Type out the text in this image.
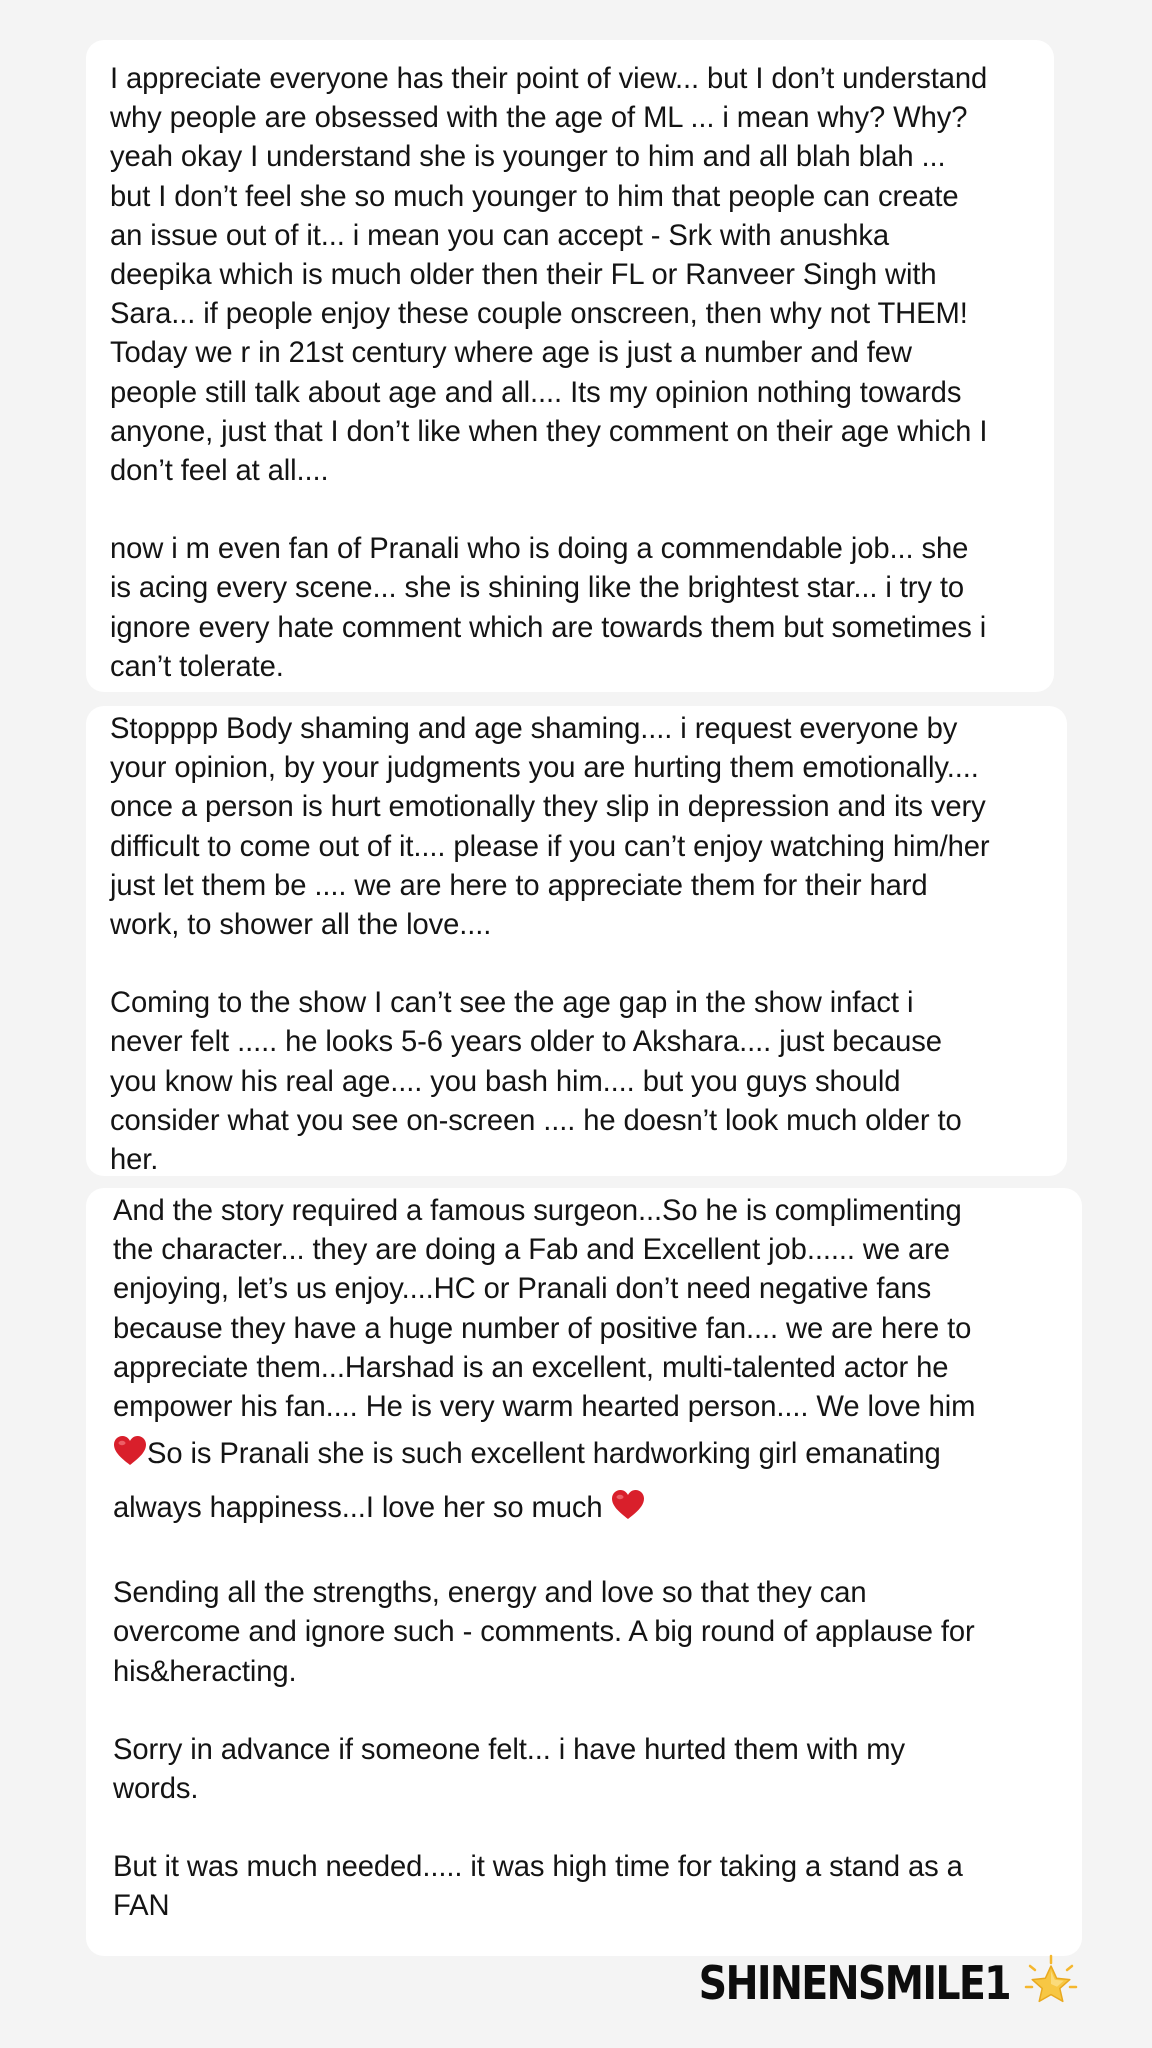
I appreciate everyone has their point of view... but I don’t understand
why people are obsessed with the age of ML ... i mean why? Why?
yeah okay I understand she is younger to him and all blah blah ...
but I don’t feel she so much younger to him that people can create
an issue out of it... i mean you can accept - Srk with anushka
deepika which is much older then their FL or Ranveer Singh with
Sara... if people enjoy these couple onscreen, then why not THEM!
Today we r in 21st century where age is just a number and few
people still talk about age and all.... Its my opinion nothing towards
anyone, just that I don’t like when they comment on their age which I
don’t feel at all....

now i m even fan of Pranali who is doing a commendable job... she
is acing every scene... she is shining like the brightest star... i try to
ignore every hate comment which are towards them but sometimes i
can’t tolerate.

Stopppp Body shaming and age shaming.... i request everyone by
your opinion, by your judgments you are hurting them emotionally....
once a person is hurt emotionally they slip in depression and its very
difficult to come out of it.... please if you can’t enjoy watching him/her
just let them be .... we are here to appreciate them for their hard
work, to shower all the love....

Coming to the show I can’t see the age gap in the show infact i
never felt ..... he looks 5-6 years older to Akshara.... just because
you know his real age.... you bash him.... but you guys should
consider what you see on-screen .... he doesn’t look much older to
her.

And the story required a famous surgeon...So he is complimenting
the character... they are doing a Fab and Excellent job...... we are
enjoying, let’s us enjoy....HC or Pranali don’t need negative fans
because they have a huge number of positive fan.... we are here to
appreciate them...Harshad is an excellent, multi-talented actor he
empower his fan.... He is very warm hearted person.... We love him

So is Pranali she is such excellent hardworking girl emanating

always happiness...I love her so much

Sending all the strengths, energy and love so that they can
overcome and ignore such - comments. A big round of applause for
his&heracting.

Sorry in advance if someone felt... i have hurted them with my
words.

But it was much needed..... it was high time for taking a stand as a
FAN

SHINENSMILE1
